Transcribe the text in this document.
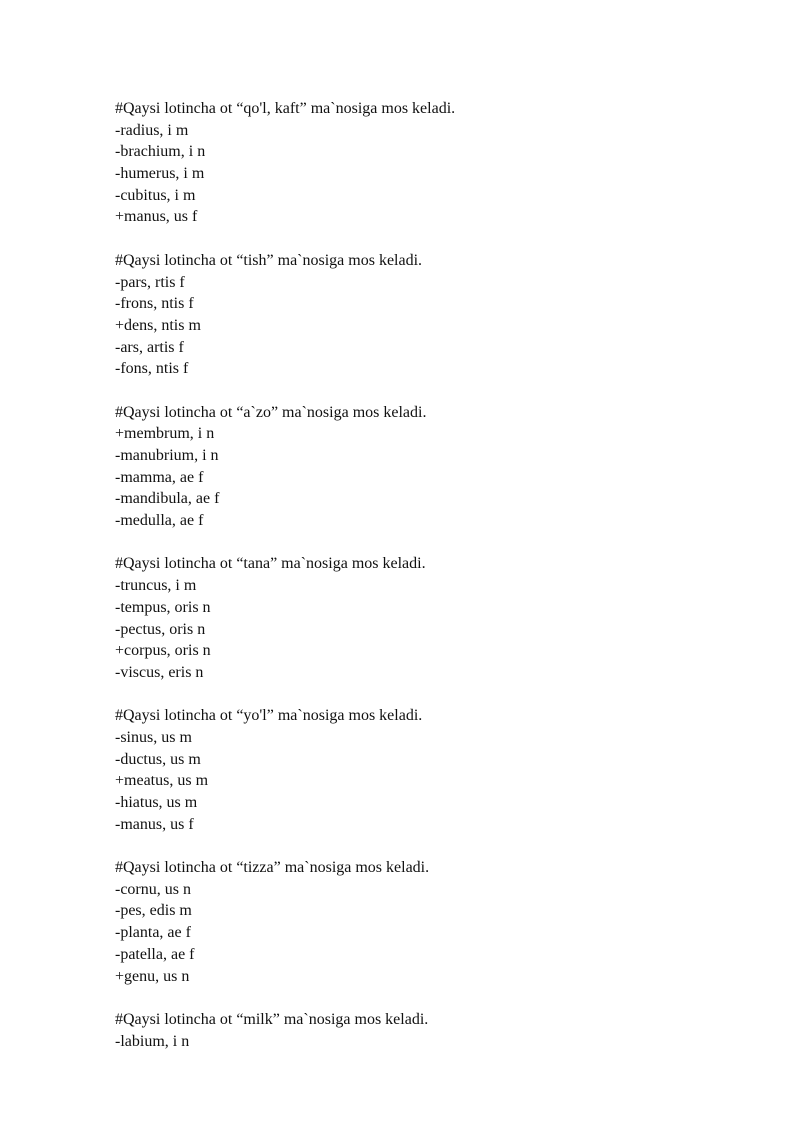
#Qaysi lotincha ot “qo'l, kaft” ma`nosiga mos keladi.
-radius, i m
-brachium, i n
-humerus, i m
-cubitus, i m
+manus, us f
#Qaysi lotincha ot “tish” ma`nosiga mos keladi.
-pars, rtis f
-frons, ntis f
+dens, ntis m
-ars, artis f
-fons, ntis f
#Qaysi lotincha ot “a`zo” ma`nosiga mos keladi.
+membrum, i n
-manubrium, i n
-mamma, ae f
-mandibula, ae f
-medulla, ae f
#Qaysi lotincha ot “tana” ma`nosiga mos keladi.
-truncus, i m
-tempus, oris n
-pectus, oris n
+corpus, oris n
-viscus, eris n
#Qaysi lotincha ot “yo'l” ma`nosiga mos keladi.
-sinus, us m
-ductus, us m
+meatus, us m
-hiatus, us m
-manus, us f
#Qaysi lotincha ot “tizza” ma`nosiga mos keladi.
-cornu, us n
-pes, edis m
-planta, ae f
-patella, ae f
+genu, us n
#Qaysi lotincha ot “milk” ma`nosiga mos keladi.
-labium, i n
